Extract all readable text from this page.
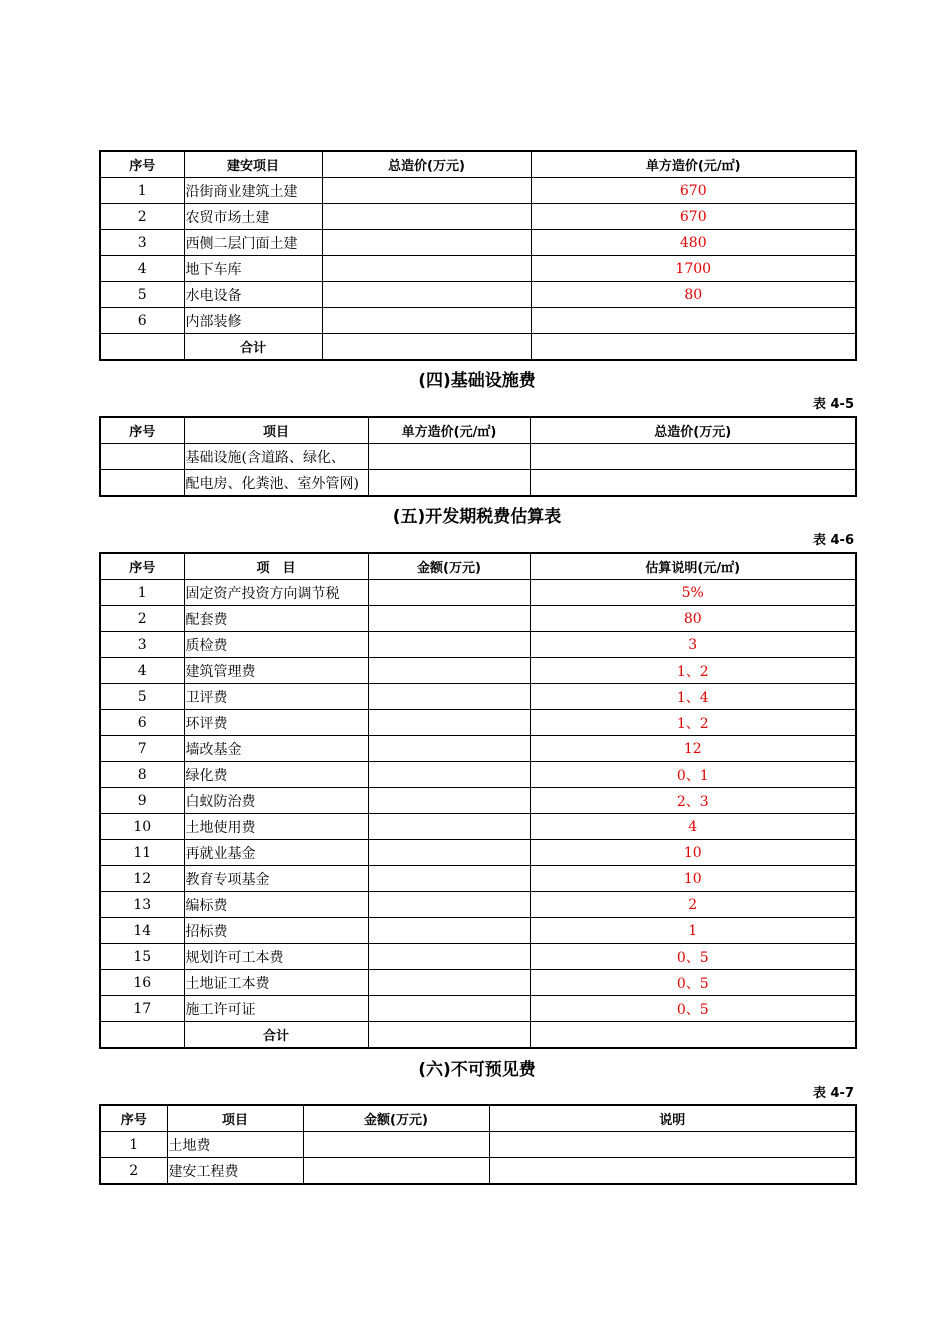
序号	建安项目	总造价(万元)	单方造价(元/㎡)
1	沿街商业建筑土建		670
2	农贸市场土建		670
3	西侧二层门面土建		480
4	地下车库		1700
5	水电设备		80
6	内部装修		
	合计		
(四)基础设施费
表 4-5
序号	项目	单方造价(元/㎡)	总造价(万元)
	基础设施(含道路、绿化、		
	配电房、化粪池、室外管网)		
(五)开发期税费估算表
表 4-6
序号	项　目	金额(万元)	估算说明(元/㎡)
1	固定资产投资方向调节税		5%
2	配套费		80
3	质检费		3
4	建筑管理费		1、2
5	卫评费		1、4
6	环评费		1、2
7	墙改基金		12
8	绿化费		0、1
9	白蚁防治费		2、3
10	土地使用费		4
11	再就业基金		10
12	教育专项基金		10
13	编标费		2
14	招标费		1
15	规划许可工本费		0、5
16	土地证工本费		0、5
17	施工许可证		0、5
	合计		
(六)不可预见费
表 4-7
序号	项目	金额(万元)	说明
1	土地费		
2	建安工程费		
